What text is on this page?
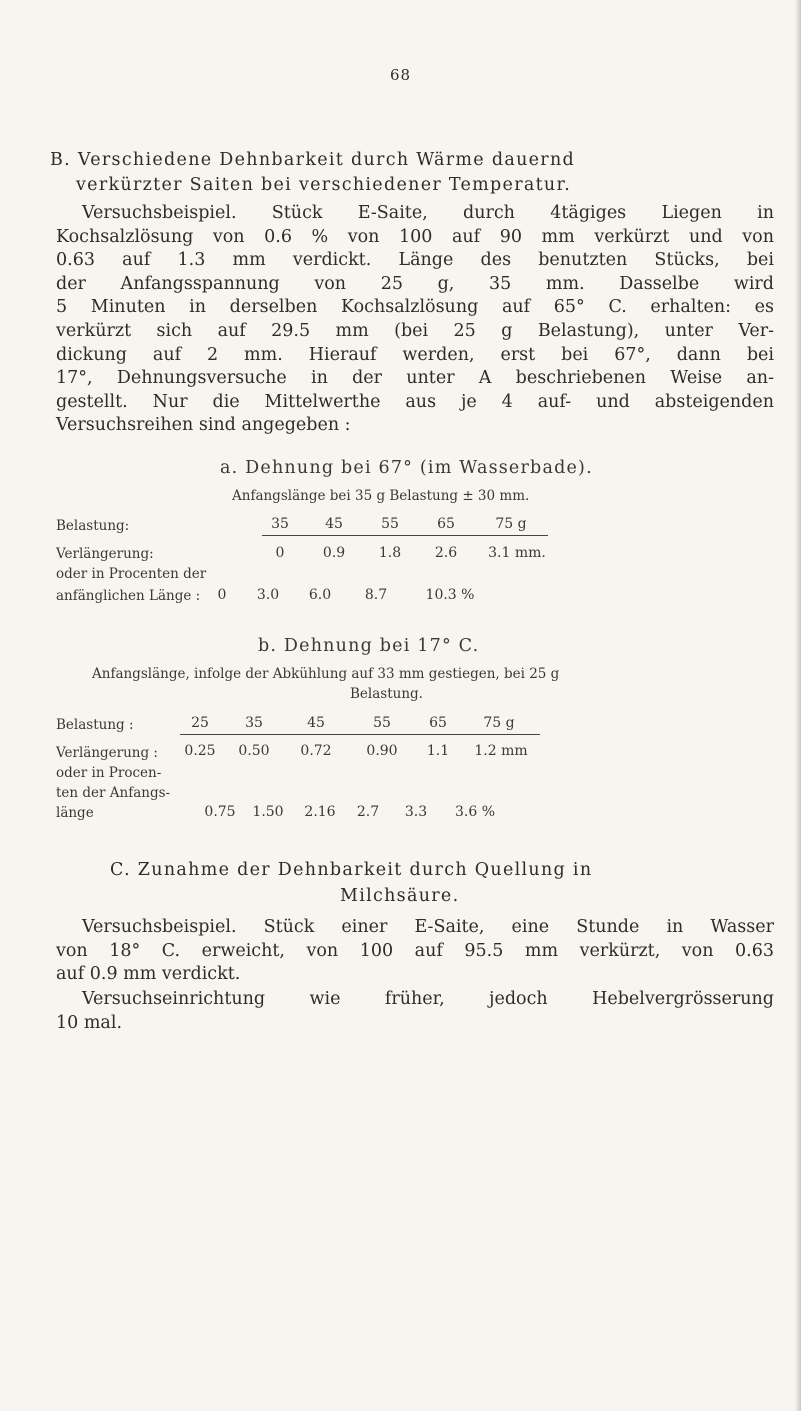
68
B. Verschiedene Dehnbarkeit durch Wärme dauernd
verkürzter Saiten bei verschiedener Temperatur.
Versuchsbeispiel. Stück E-Saite, durch 4tägiges Liegen in
Kochsalzlösung von 0.6 % von 100 auf 90 mm verkürzt und von
0.63 auf 1.3 mm verdickt. Länge des benutzten Stücks, bei
der Anfangsspannung von 25 g, 35 mm. Dasselbe wird
5 Minuten in derselben Kochsalzlösung auf 65° C. erhalten: es
verkürzt sich auf 29.5 mm (bei 25 g Belastung), unter Ver-
dickung auf 2 mm. Hierauf werden, erst bei 67°, dann bei
17°, Dehnungsversuche in der unter A beschriebenen Weise an-
gestellt. Nur die Mittelwerthe aus je 4 auf- und absteigenden
Versuchsreihen sind angegeben :
a. Dehnung bei 67° (im Wasserbade).
Anfangslänge bei 35 g Belastung ± 30 mm.
Belastung:	35	45	55	65	75 g
Verlängerung:	0	0.9	1.8	2.6	3.1 mm.
oder in Procenten der
anfänglichen Länge :	0	3.0	6.0	8.7	10.3 %
b. Dehnung bei 17° C.
Anfangslänge, infolge der Abkühlung auf 33 mm gestiegen, bei 25 g
Belastung.
Belastung :	25	35	45	55	65	75 g
Verlängerung :	0.25	0.50	0.72	0.90	1.1	1.2 mm
oder in Procen-
ten der Anfangs-
länge	0.75	1.50	2.16	2.7	3.3	3.6 %
C. Zunahme der Dehnbarkeit durch Quellung in
Milchsäure.
Versuchsbeispiel. Stück einer E-Saite, eine Stunde in Wasser
von 18° C. erweicht, von 100 auf 95.5 mm verkürzt, von 0.63
auf 0.9 mm verdickt.
Versuchseinrichtung wie früher, jedoch Hebelvergrösserung
10 mal.
